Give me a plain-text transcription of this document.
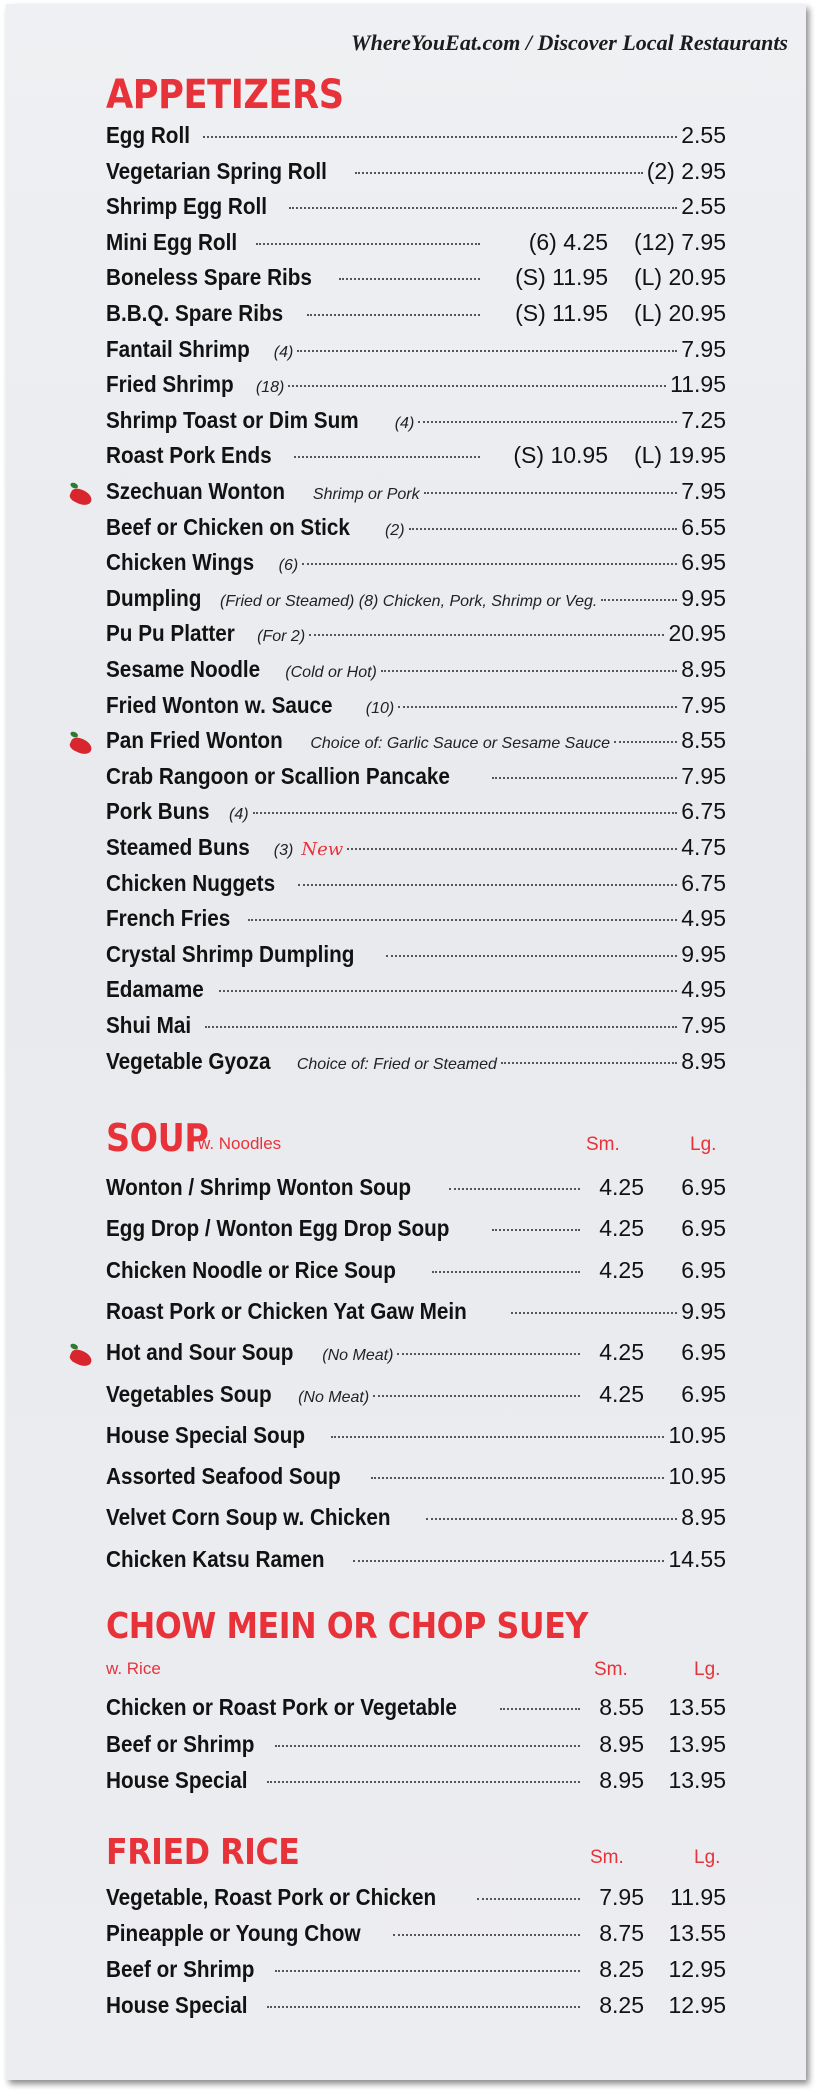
WhereYouEat.com / Discover Local Restaurants
APPETIZERS
SOUP
w. Noodles	Sm.	Lg.
CHOW MEIN OR CHOP SUEY
w. Rice	Sm.	Lg.
FRIED RICE	Sm.	Lg.
Egg Roll	2.55
Vegetarian Spring Roll	(2) 2.95
Shrimp Egg Roll	2.55
Mini Egg Roll	(6) 4.25	(12) 7.95
Boneless Spare Ribs	(S) 11.95	(L) 20.95
B.B.Q. Spare Ribs	(S) 11.95	(L) 20.95
Fantail Shrimp (4)	7.95
Fried Shrimp (18)	11.95
Shrimp Toast or Dim Sum (4)	7.25
Roast Pork Ends	(S) 10.95	(L) 19.95
Szechuan Wonton Shrimp or Pork	7.95
Beef or Chicken on Stick (2)	6.55
Chicken Wings (6)	6.95
Dumpling (Fried or Steamed) (8) Chicken, Pork, Shrimp or Veg.	9.95
Pu Pu Platter (For 2)	20.95
Sesame Noodle (Cold or Hot)	8.95
Fried Wonton w. Sauce (10)	7.95
Pan Fried Wonton Choice of: Garlic Sauce or Sesame Sauce	8.55
Crab Rangoon or Scallion Pancake	7.95
Pork Buns (4)	6.75
Steamed Buns (3) New	4.75
Chicken Nuggets	6.75
French Fries	4.95
Crystal Shrimp Dumpling	9.95
Edamame	4.95
Shui Mai	7.95
Vegetable Gyoza Choice of: Fried or Steamed	8.95
Wonton / Shrimp Wonton Soup	4.25	6.95
Egg Drop / Wonton Egg Drop Soup	4.25	6.95
Chicken Noodle or Rice Soup	4.25	6.95
Roast Pork or Chicken Yat Gaw Mein	9.95
Hot and Sour Soup (No Meat)	4.25	6.95
Vegetables Soup (No Meat)	4.25	6.95
House Special Soup	10.95
Assorted Seafood Soup	10.95
Velvet Corn Soup w. Chicken	8.95
Chicken Katsu Ramen	14.55
Chicken or Roast Pork or Vegetable	8.55	13.55
Beef or Shrimp	8.95	13.95
House Special	8.95	13.95
Vegetable, Roast Pork or Chicken	7.95	11.95
Pineapple or Young Chow	8.75	13.55
Beef or Shrimp	8.25	12.95
House Special	8.25	12.95
